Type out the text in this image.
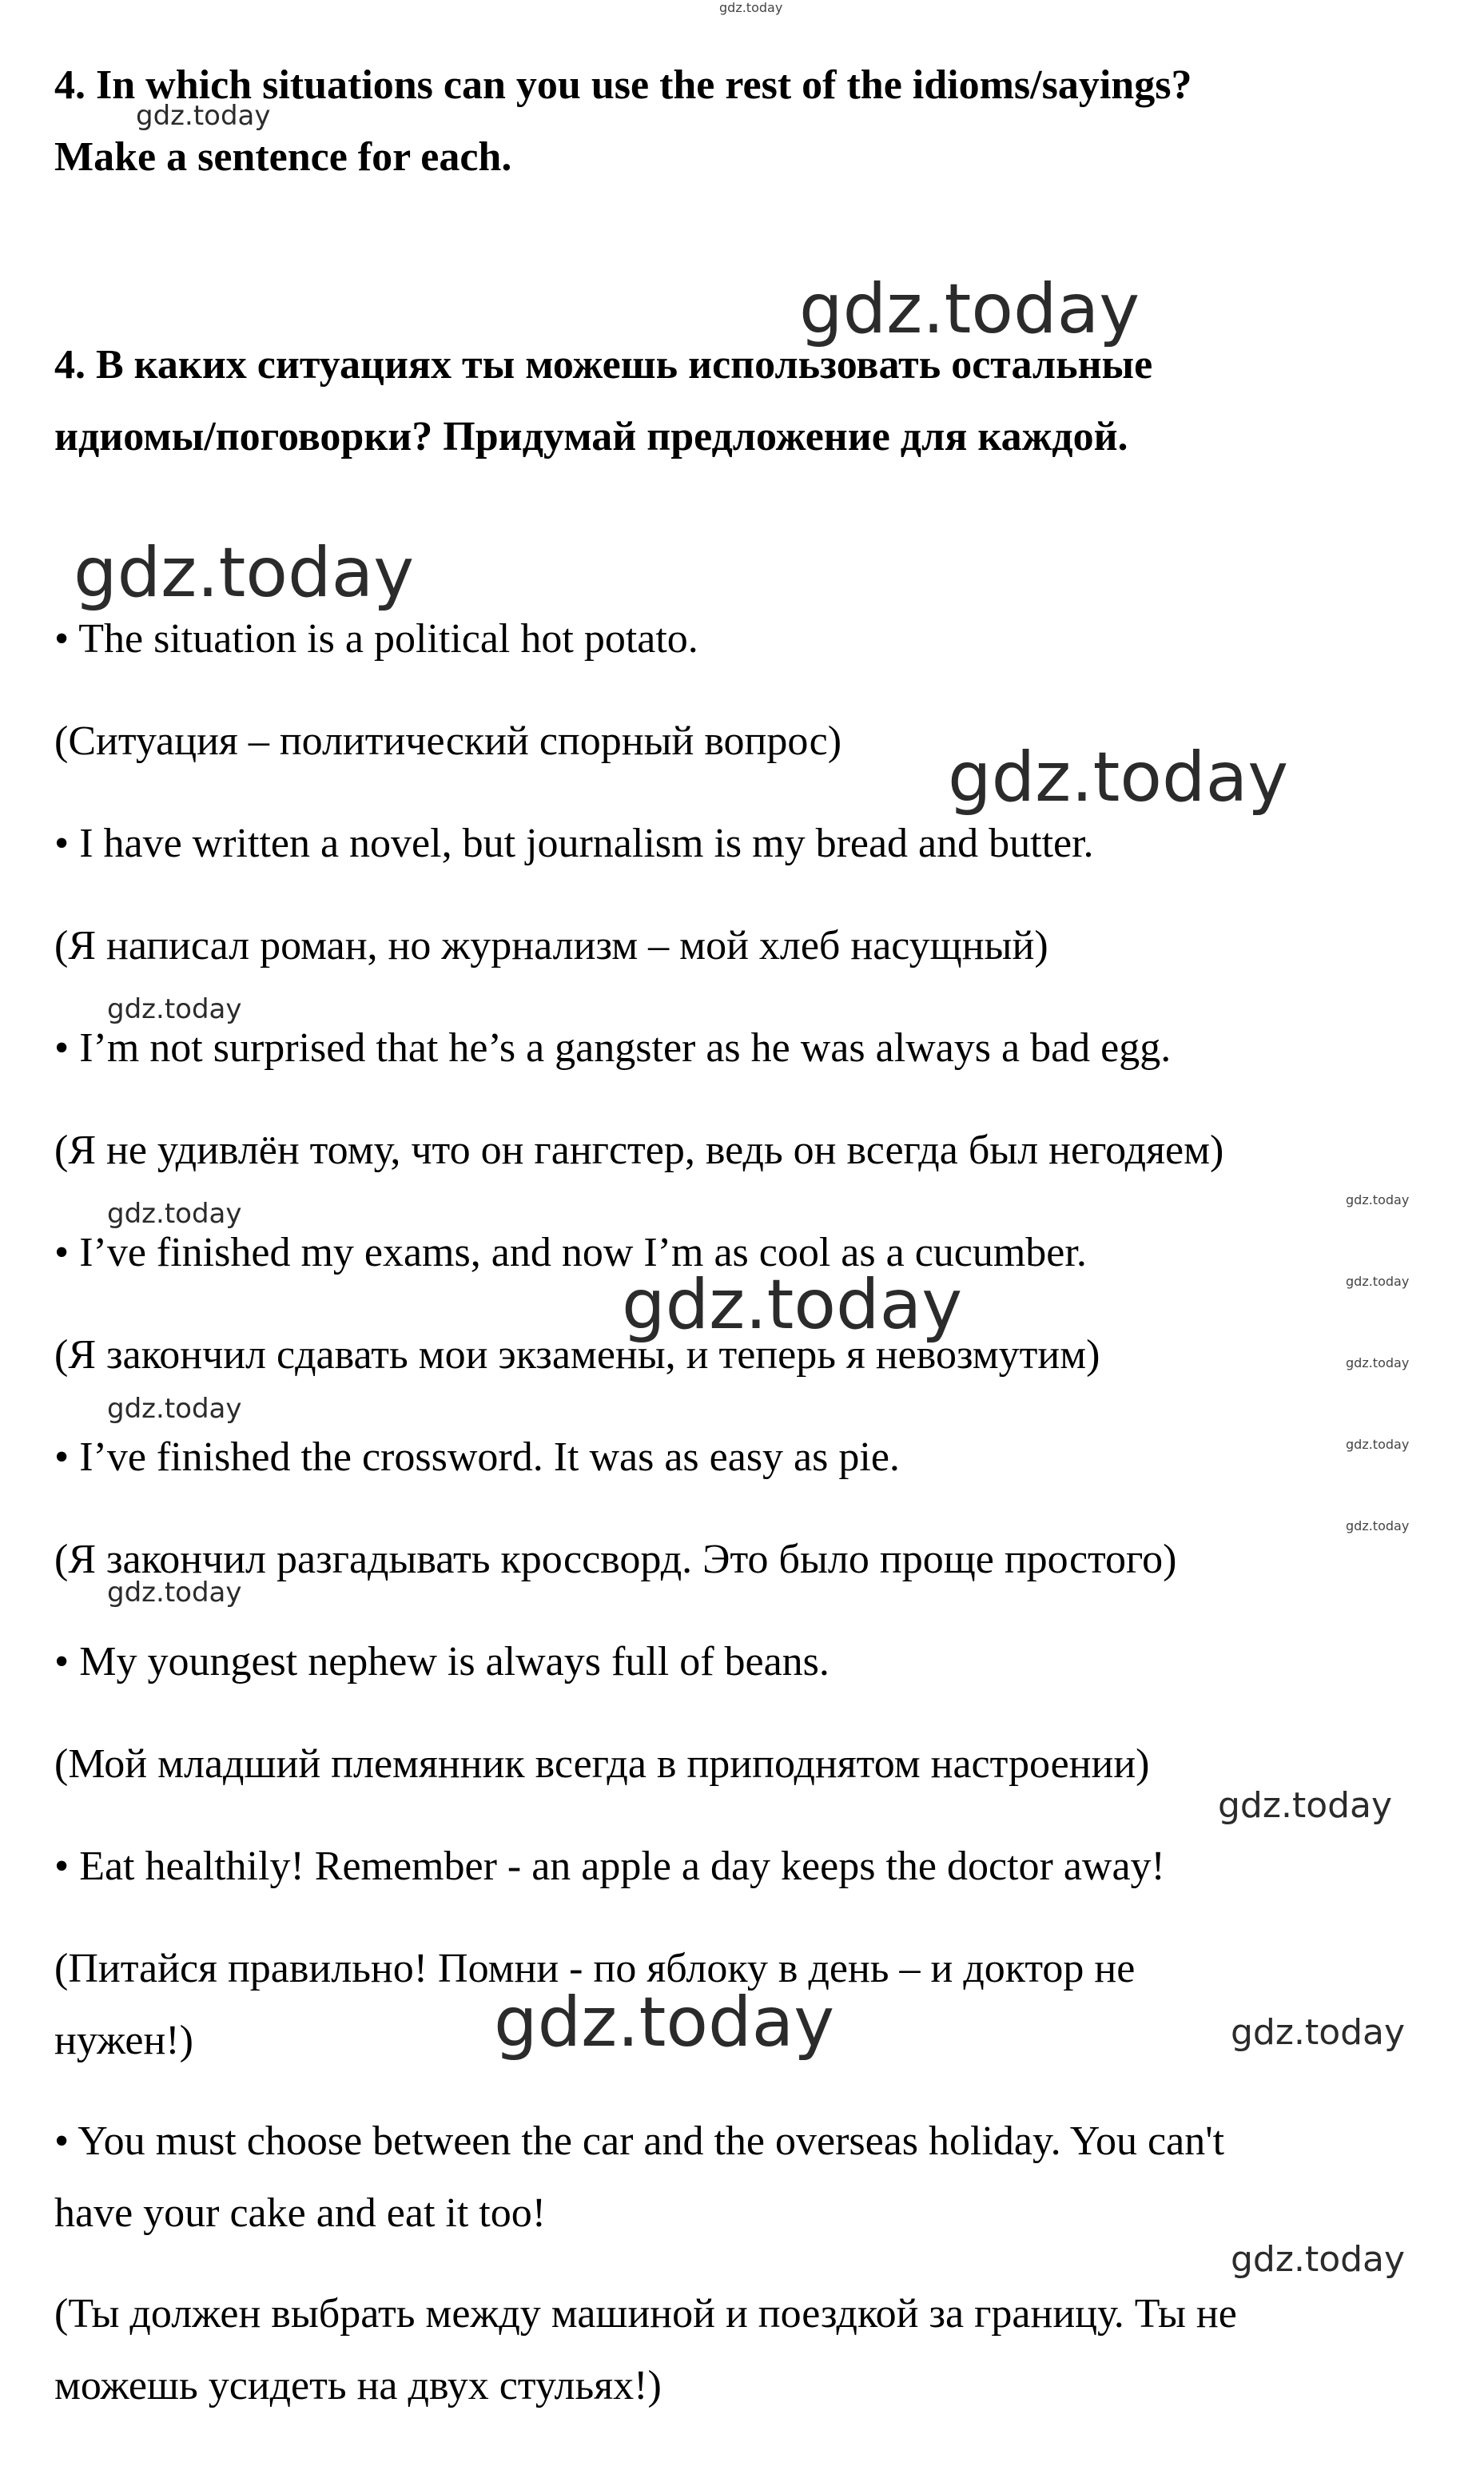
4. In which situations can you use the rest of the idioms/sayings?
Make a sentence for each.
4. В каких ситуациях ты можешь использовать остальные
идиомы/поговорки? Придумай предложение для каждой.
• The situation is a political hot potato.
(Ситуация – политический спорный вопрос)
• I have written a novel, but journalism is my bread and butter.
(Я написал роман, но журнализм – мой хлеб насущный)
• I’m not surprised that he’s a gangster as he was always a bad egg.
(Я не удивлён тому, что он гангстер, ведь он всегда был негодяем)
• I’ve finished my exams, and now I’m as cool as a cucumber.
(Я закончил сдавать мои экзамены, и теперь я невозмутим)
• I’ve finished the crossword. It was as easy as pie.
(Я закончил разгадывать кроссворд. Это было проще простого)
• My youngest nephew is always full of beans.
(Мой младший племянник всегда в приподнятом настроении)
• Eat healthily! Remember - an apple a day keeps the doctor away!
(Питайся правильно! Помни - по яблоку в день – и доктор не
нужен!)
• You must choose between the car and the overseas holiday. You can't
have your cake and eat it too!
(Ты должен выбрать между машиной и поездкой за границу. Ты не
можешь усидеть на двух стульях!)
gdz.today
gdz.today
gdz.today
gdz.today
gdz.today
gdz.today
gdz.today	gdz.today
gdz.today
gdz.today
gdz.today
gdz.today
gdz.today
gdz.today
gdz.today
gdz.today
gdz.today	gdz.today
gdz.today
